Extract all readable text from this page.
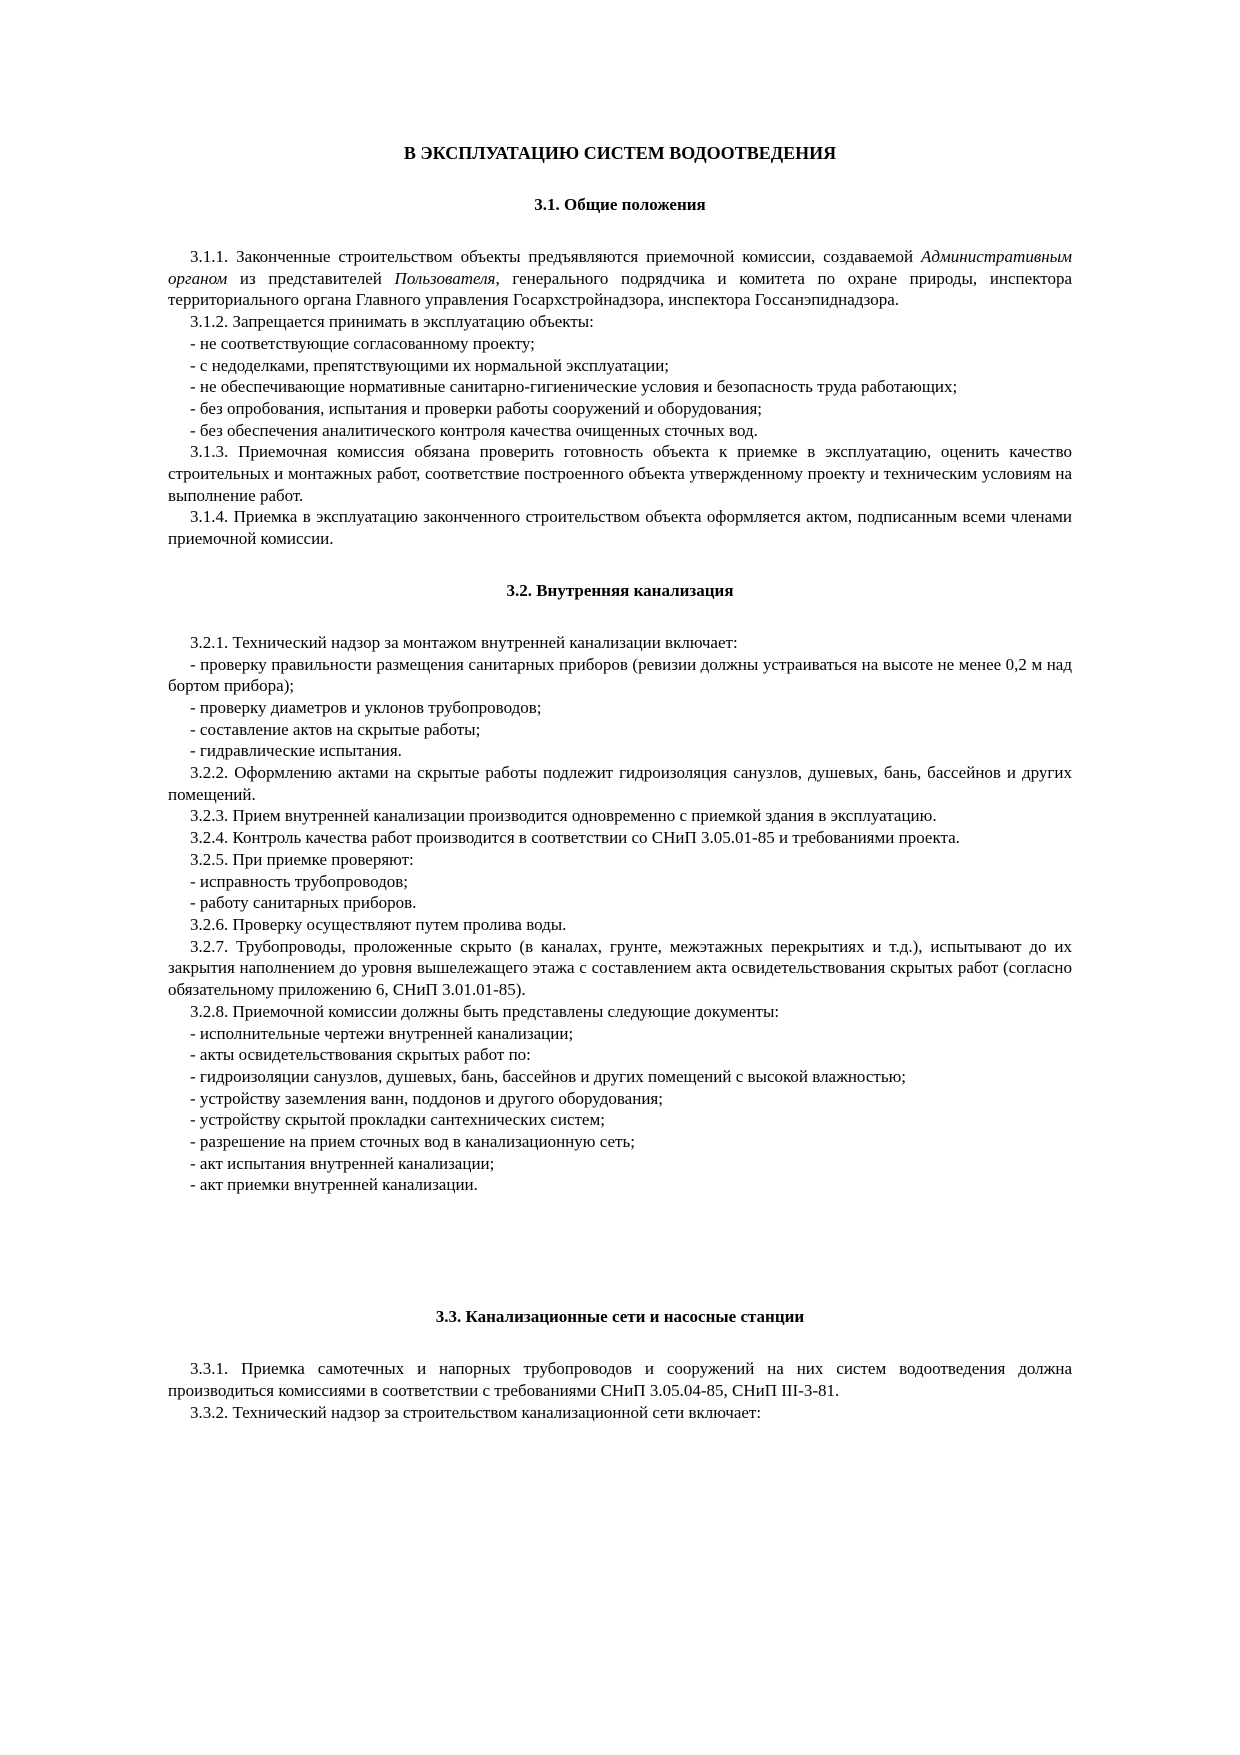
В ЭКСПЛУАТАЦИЮ СИСТЕМ ВОДООТВЕДЕНИЯ
3.1. Общие положения

3.1.1. Законченные строительством объекты предъявляются приемочной комиссии, создаваемой Административным органом из представителей Пользователя, генерального подрядчика и комитета по охране природы, инспектора территориального органа Главного управления Госархстройнадзора, инспектора Госсанэпиднадзора.

3.1.2. Запрещается принимать в эксплуатацию объекты:

- не соответствующие согласованному проекту;

- с недоделками, препятствующими их нормальной эксплуатации;

- не обеспечивающие нормативные санитарно-гигиенические условия и безопасность труда работающих;

- без опробования, испытания и проверки работы сооружений и оборудования;

- без обеспечения аналитического контроля качества очищенных сточных вод.

3.1.3. Приемочная комиссия обязана проверить готовность объекта к приемке в эксплуатацию, оценить качество строительных и монтажных работ, соответствие построенного объекта утвержденному проекту и техническим условиям на выполнение работ.

3.1.4. Приемка в эксплуатацию законченного строительством объекта оформляется актом, подписанным всеми членами приемочной комиссии.

3.2. Внутренняя канализация

3.2.1. Технический надзор за монтажом внутренней канализации включает:

- проверку правильности размещения санитарных приборов (ревизии должны устраиваться на высоте не менее 0,2 м над бортом прибора);

- проверку диаметров и уклонов трубопроводов;

- составление актов на скрытые работы;

- гидравлические испытания.

3.2.2. Оформлению актами на скрытые работы подлежит гидроизоляция санузлов, душевых, бань, бассейнов и других помещений.

3.2.3. Прием внутренней канализации производится одновременно с приемкой здания в эксплуатацию.

3.2.4. Контроль качества работ производится в соответствии со СНиП 3.05.01-85 и требованиями проекта.

3.2.5. При приемке проверяют:

- исправность трубопроводов;

- работу санитарных приборов.

3.2.6. Проверку осуществляют путем пролива воды.

3.2.7. Трубопроводы, проложенные скрыто (в каналах, грунте, межэтажных перекрытиях и т.д.), испытывают до их закрытия наполнением до уровня вышележащего этажа с составлением акта освидетельствования скрытых работ (согласно обязательному приложению 6, СНиП 3.01.01-85).

3.2.8. Приемочной комиссии должны быть представлены следующие документы:

- исполнительные чертежи внутренней канализации;

- акты освидетельствования скрытых работ по:

- гидроизоляции санузлов, душевых, бань, бассейнов и других помещений с высокой влажностью;

- устройству заземления ванн, поддонов и другого оборудования;

- устройству скрытой прокладки сантехнических систем;

- разрешение на прием сточных вод в канализационную сеть;

- акт испытания внутренней канализации;

- акт приемки внутренней канализации.

3.3. Канализационные сети и насосные станции

3.3.1. Приемка самотечных и напорных трубопроводов и сооружений на них систем водоотведения должна производиться комиссиями в соответствии с требованиями СНиП 3.05.04-85, СНиП III-3-81.

3.3.2. Технический надзор за строительством канализационной сети включает:
